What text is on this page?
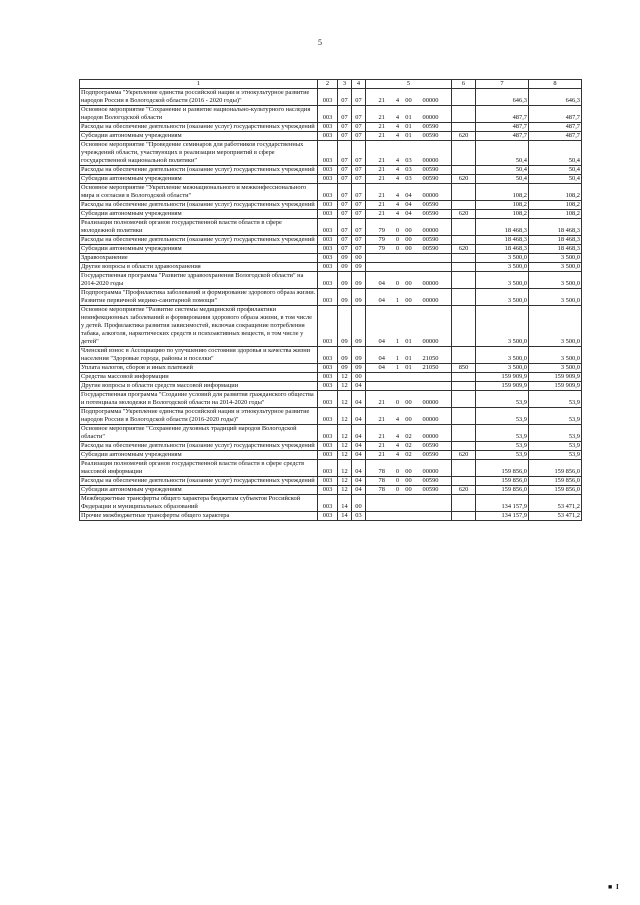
5
1	2	3	4	5	6	7	8
Подпрограмма "Укрепление единства российской нации и этнокультурное развитие народов России в Вологодской области (2016 - 2020 годы)"	003	07	07	21 4 00 00000		646,3	646,3
Основное мероприятие "Сохранение и развитие национально-культурного наследия народов Вологодской области	003	07	07	21 4 01 00000		487,7	487,7
Расходы на обеспечение деятельности (оказание услуг) государственных учреждений	003	07	07	21 4 01 00590		487,7	487,7
Субсидии автономным учреждениям	003	07	07	21 4 01 00590	620	487,7	487,7
Основное мероприятие "Проведение семинаров для работников государственных учреждений области, участвующих в реализации мероприятий в сфере государственной национальной политики"	003	07	07	21 4 03 00000		50,4	50,4
Расходы на обеспечение деятельности (оказание услуг) государственных учреждений	003	07	07	21 4 03 00590		50,4	50,4
Субсидии автономным учреждениям	003	07	07	21 4 03 00590	620	50,4	50,4
Основное мероприятие "Укрепление межнационального и межконфессионального мира и согласия в Вологодской области"	003	07	07	21 4 04 00000		108,2	108,2
Расходы на обеспечение деятельности (оказание услуг) государственных учреждений	003	07	07	21 4 04 00590		108,2	108,2
Субсидии автономным учреждениям	003	07	07	21 4 04 00590	620	108,2	108,2
Реализация полномочий органов государственной власти области в сфере молодежной политики	003	07	07	79 0 00 00000		18 468,3	18 468,3
Расходы на обеспечение деятельности (оказание услуг) государственных учреждений	003	07	07	79 0 00 00590		18 468,3	18 468,3
Субсидии автономным учреждениям	003	07	07	79 0 00 00590	620	18 468,3	18 468,3
Здравоохранение	003	09	00			3 500,0	3 500,0
Другие вопросы в области здравоохранения	003	09	09			3 500,0	3 500,0
Государственная программа "Развитие здравоохранения Вологодской области" на 2014-2020 годы	003	09	09	04 0 00 00000		3 500,0	3 500,0
Подпрограмма "Профилактика заболеваний и формирование здорового образа жизни. Развитие первичной медико-санитарной помощи"	003	09	09	04 1 00 00000		3 500,0	3 500,0
Основное мероприятие "Развитие системы медицинской профилактики неинфекционных заболеваний и формирования здорового образа жизни, в том числе у детей. Профилактика развития зависимостей, включая сокращение потребления табака, алкоголя, наркотических средств и психоактивных веществ, в том числе у детей"	003	09	09	04 1 01 00000		3 500,0	3 500,0
Членский взнос в Ассоциацию по улучшению состояния здоровья и качества жизни населения "Здоровые города, районы и поселки"	003	09	09	04 1 01 21050		3 500,0	3 500,0
Уплата налогов, сборов и иных платежей	003	09	09	04 1 01 21050	850	3 500,0	3 500,0
Средства массовой информации	003	12	00			159 909,9	159 909,9
Другие вопросы в области средств массовой информации	003	12	04			159 909,9	159 909,9
Государственная программа "Создание условий для развития гражданского общества и потенциала молодежи в Вологодской области на 2014-2020 годы"	003	12	04	21 0 00 00000		53,9	53,9
Подпрограмма "Укрепление единства российской нации и этнокультурное развитие народов России в Вологодской области (2016-2020 годы)"	003	12	04	21 4 00 00000		53,9	53,9
Основное мероприятие "Сохранение духовных традиций народов Вологодской области"	003	12	04	21 4 02 00000		53,9	53,9
Расходы на обеспечение деятельности (оказание услуг) государственных учреждений	003	12	04	21 4 02 00590		53,9	53,9
Субсидии автономным учреждениям	003	12	04	21 4 02 00590	620	53,9	53,9
Реализация полномочий органов государственной власти области в сфере средств массовой информации	003	12	04	78 0 00 00000		159 856,0	159 856,0
Расходы на обеспечение деятельности (оказание услуг) государственных учреждений	003	12	04	78 0 00 00590		159 856,0	159 856,0
Субсидии автономным учреждениям	003	12	04	78 0 00 00590	620	159 856,0	159 856,0
Межбюджетные трансферты общего характера бюджетам субъектов Российской Федерации и муниципальных образований	003	14	00			134 157,9	53 471,2
Прочие межбюджетные трансферты общего характера	003	14	03			134 157,9	53 471,2
■ I
